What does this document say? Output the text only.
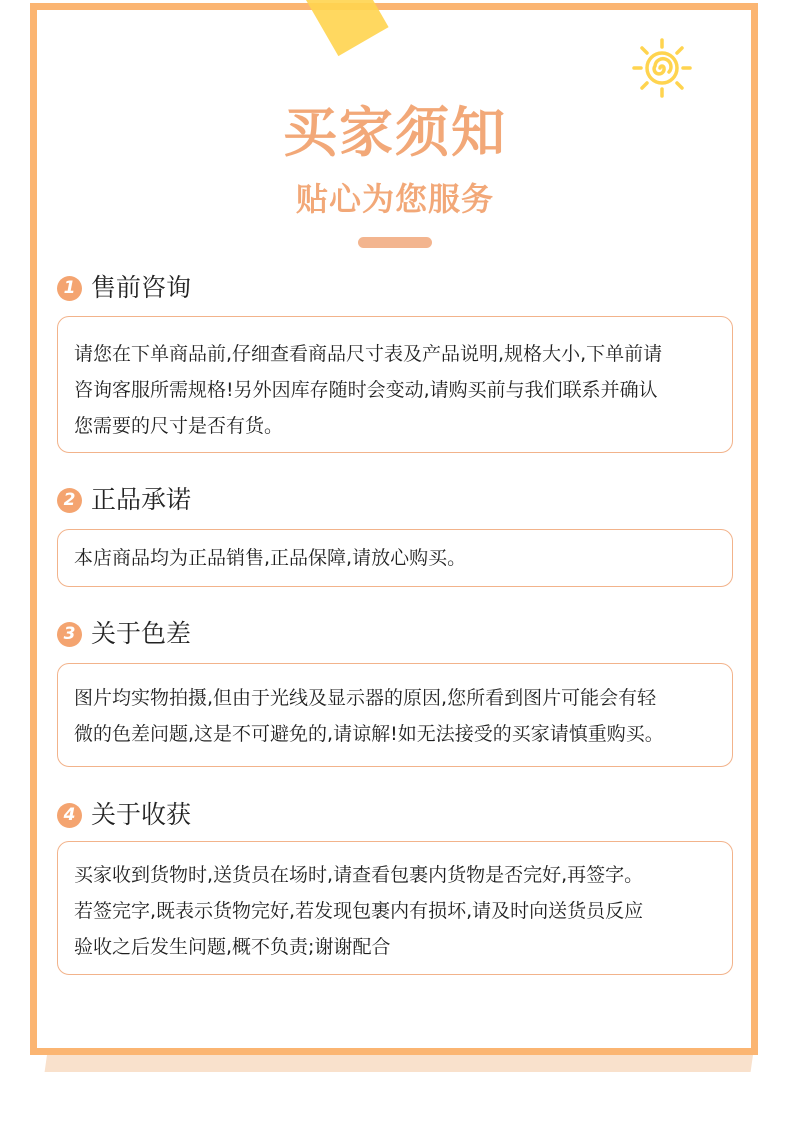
买家须知
贴心为您服务
1 售前咨询
请您在下单商品前,仔细查看商品尺寸表及产品说明,规格大小,下单前请
咨询客服所需规格!另外因库存随时会变动,请购买前与我们联系并确认
您需要的尺寸是否有货。
2 正品承诺
本店商品均为正品销售,正品保障,请放心购买。
3 关于色差
图片均实物拍摄,但由于光线及显示器的原因,您所看到图片可能会有轻
微的色差问题,这是不可避免的,请谅解!如无法接受的买家请慎重购买。
4 关于收获
买家收到货物时,送货员在场时,请查看包裹内货物是否完好,再签字。
若签完字,既表示货物完好,若发现包裹内有损坏,请及时向送货员反应
验收之后发生问题,概不负责;谢谢配合
